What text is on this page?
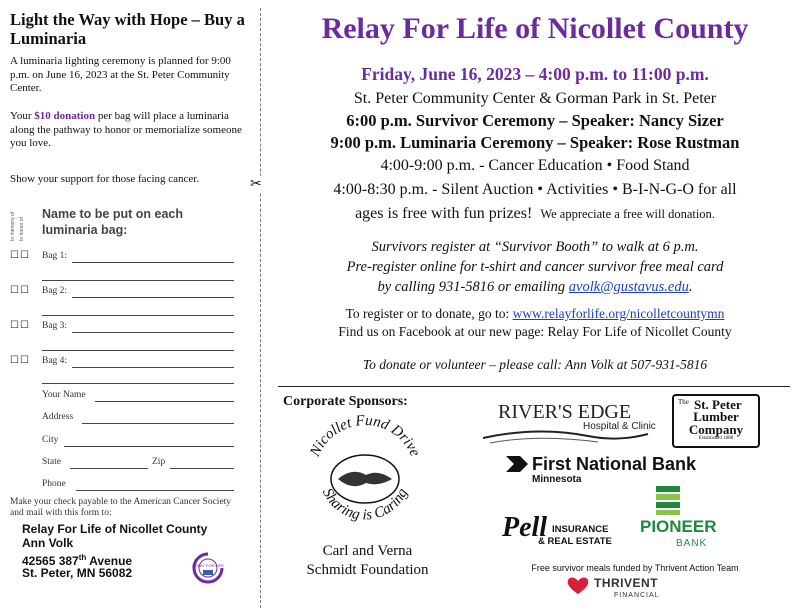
Light the Way with Hope – Buy a Luminaria
A luminaria lighting ceremony is planned for 9:00 p.m. on June 16, 2023 at the St. Peter Community Center.
Your $10 donation per bag will place a luminaria along the pathway to honor or memorialize someone you love.
Show your support for those facing cancer.
In memory of In honor of
Name to be put on each luminaria bag:
☐☐ Bag 1:
☐☐ Bag 2:
☐☐ Bag 3:
☐☐ Bag 4:
Your Name
Address
City
State	Zip
Phone
Make your check payable to the American Cancer Society and mail with this form to:
Relay For Life of Nicollet County
Ann Volk
42565 387th Avenue
St. Peter, MN 56082
RELAY FOR LIFE
✂
Relay For Life of Nicollet County
Friday, June 16, 2023 – 4:00 p.m. to 11:00 p.m.
St. Peter Community Center & Gorman Park in St. Peter
6:00 p.m. Survivor Ceremony – Speaker: Nancy Sizer
9:00 p.m. Luminaria Ceremony – Speaker: Rose Rustman
4:00-9:00 p.m. - Cancer Education • Food Stand
4:00-8:30 p.m. - Silent Auction • Activities • B-I-N-G-O for all
ages is free with fun prizes! We appreciate a free will donation.
Survivors register at “Survivor Booth” to walk at 6 p.m.
Pre-register online for t-shirt and cancer survivor free meal card
by calling 931-5816 or emailing avolk@gustavus.edu.
To register or to donate, go to: www.relayforlife.org/nicolletcountymn
Find us on Facebook at our new page: Relay For Life of Nicollet County
To donate or volunteer – please call: Ann Volk at 507-931-5816
Corporate Sponsors:
Nicollet Fund Drive
Sharing is Caring
Carl and Verna Schmidt Foundation
RIVER'S EDGE
Hospital & Clinic
The St. Peter
Lumber
Company
Established 1888
First National Bank
Minnesota
Pell INSURANCE
& REAL ESTATE
PIONEER
BANK
Free survivor meals funded by Thrivent Action Team
THRIVENT
FINANCIAL
